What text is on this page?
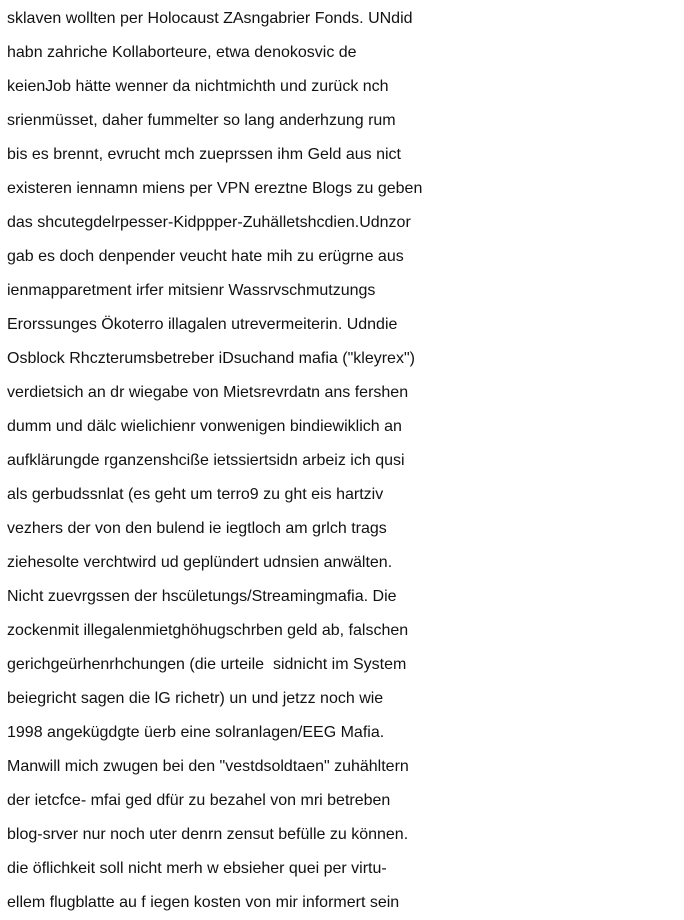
sklaven wollten per Holocaust ZAsngabrier Fonds. UNdid
habn zahriche Kollaborteure, etwa denokosvic de
keienJob hätte wenner da nichtmichth und zurück nch
srienmüsset, daher fummelter so lang anderhzung rum
bis es brennt, evrucht mch zueprssen ihm Geld aus nict
existeren iennamn miens per VPN ereztne Blogs zu geben
das shcutegdelrpesser-Kidppper-Zuhälletshcdien.Udnzor
gab es doch denpender veucht hate mih zu erügrne aus
ienmapparetment irfer mitsienr Wassrvschmutzungs
Erorssunges Ökoterro illagalen utrevermeiterin. Udndie
Osblock Rhczterumsbetreber iDsuchand mafia ("kleyrex")
verdietsich an dr wiegabe von Mietsrevrdatn ans fershen
dumm und dälc wielichienr vonwenigen bindiewiklich an
aufklärungde rganzenshcißе ietssiertsidn arbeiz ich qusi
als gerbudssnlat (es geht um terro9 zu ght eis hartziv
vezhers der von den bulend ie iegtloch am grlch trags
ziehesolte verchtwird ud geplündert udnsien anwälten.
Nicht zuevrgssen der hscületungs/Streamingmafia. Die
zockenmit illegalenmietghöhugschrben geld ab, falschen
gerichgeürhenrhchungen (die urteile  sidnicht im System
beiegricht sagen die lG richetr) un und jetzz noch wie
1998 angekügdgte üerb eine solranlagen/EEG Mafia.
Manwill mich zwugen bei den "vestdsoldtaen" zuhähltern
der ietcfce- mfai ged dfür zu bezahel von mri betreben
blog-srver nur noch uter denrn zensut befülle zu können.
die öflichkeit soll nicht merh w ebsieher quei per virtu-
ellem flugblatte au f iegen kosten von mir informert sein
